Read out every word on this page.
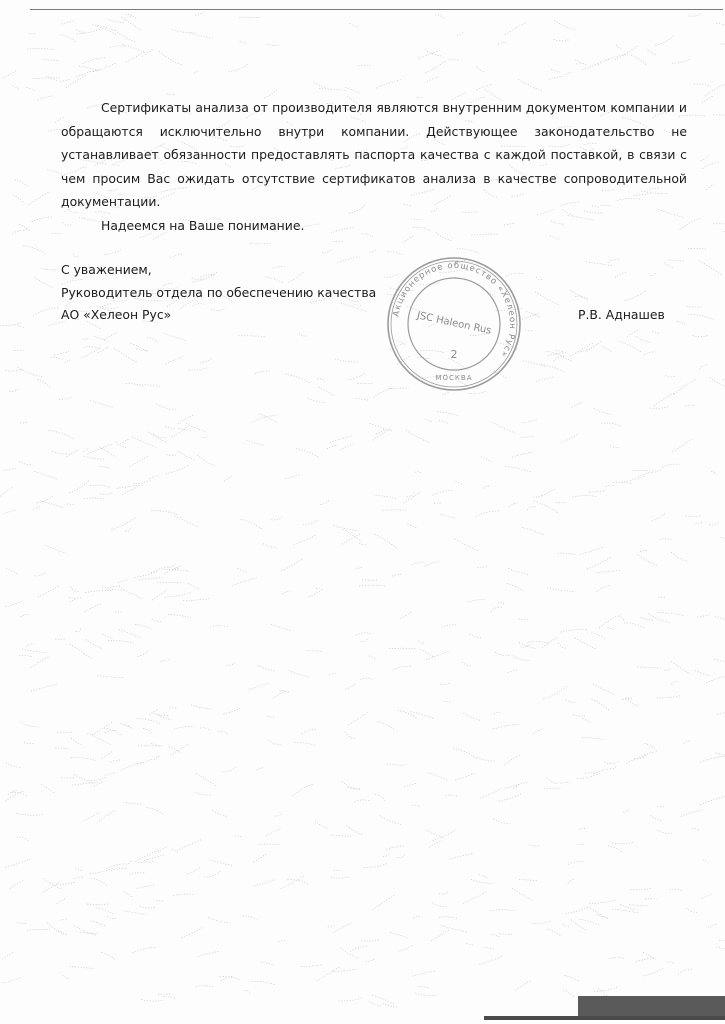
Сертификаты анализа от производителя являются внутренним документом компании и обращаются исключительно внутри компании. Действующее законодательство не устанавливает обязанности предоставлять паспорта качества с каждой поставкой, в связи с чем просим Вас ожидать отсутствие сертификатов анализа в качестве сопроводительной документации.

Надеемся на Ваше понимание.

С уважением,
Руководитель отдела по обеспечению качества
АО «Хелеон Рус»	Акционерное общество «Хелеон Рус»
JSC Haleon Rus
2
МОСКВА
Р.В. Аднашев
